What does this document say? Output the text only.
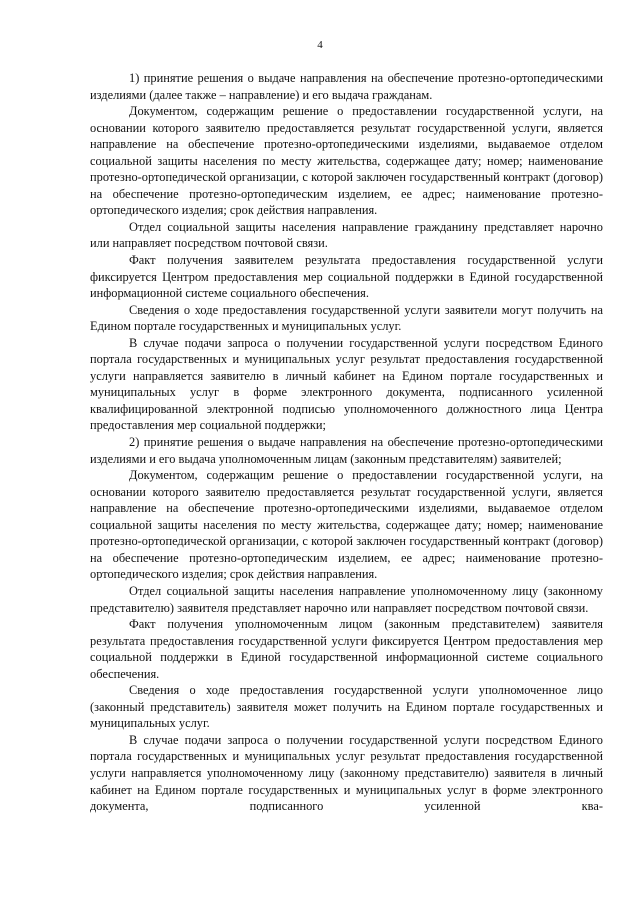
4

1) принятие решения о выдаче направления на обеспечение протезно-ортопедическими изделиями (далее также – направление) и его выдача гражданам.

Документом, содержащим решение о предоставлении государственной услуги, на основании которого заявителю предоставляется результат государственной услуги, является направление на обеспечение протезно-ортопедическими изделиями, выдаваемое отделом социальной защиты населения по месту жительства, содержащее дату; номер; наименование протезно-ортопедической организации, с которой заключен государственный контракт (договор) на обеспечение протезно-ортопедическим изделием, ее адрес; наименование протезно-ортопедического изделия; срок действия направления.

Отдел социальной защиты населения направление гражданину представляет нарочно или направляет посредством почтовой связи.

Факт получения заявителем результата предоставления государственной услуги фиксируется Центром предоставления мер социальной поддержки в Единой государственной информационной системе социального обеспечения.

Сведения о ходе предоставления государственной услуги заявители могут получить на Едином портале государственных и муниципальных услуг.

В случае подачи запроса о получении государственной услуги посредством Единого портала государственных и муниципальных услуг результат предоставления государственной услуги направляется заявителю в личный кабинет на Едином портале государственных и муниципальных услуг в форме электронного документа, подписанного усиленной квалифицированной электронной подписью уполномоченного должностного лица Центра предоставления мер социальной поддержки;

2) принятие решения о выдаче направления на обеспечение протезно-ортопедическими изделиями и его выдача уполномоченным лицам (законным представителям) заявителей;

Документом, содержащим решение о предоставлении государственной услуги, на основании которого заявителю предоставляется результат государственной услуги, является направление на обеспечение протезно-ортопедическими изделиями, выдаваемое отделом социальной защиты населения по месту жительства, содержащее дату; номер; наименование протезно-ортопедической организации, с которой заключен государственный контракт (договор) на обеспечение протезно-ортопедическим изделием, ее адрес; наименование протезно-ортопедического изделия; срок действия направления.

Отдел социальной защиты населения направление уполномоченному лицу (законному представителю) заявителя представляет нарочно или направляет посредством почтовой связи.

Факт получения уполномоченным лицом (законным представителем) заявителя результата предоставления государственной услуги фиксируется Центром предоставления мер социальной поддержки в Единой государственной информационной системе социального обеспечения.

Сведения о ходе предоставления государственной услуги уполномоченное лицо (законный представитель) заявителя может получить на Едином портале государственных и муниципальных услуг.

В случае подачи запроса о получении государственной услуги посредством Единого портала государственных и муниципальных услуг результат предоставления государственной услуги направляется уполномоченному лицу (законному представителю) заявителя в личный кабинет на Едином портале государственных и муниципальных услуг в форме электронного документа, подписанного усиленной ква-
